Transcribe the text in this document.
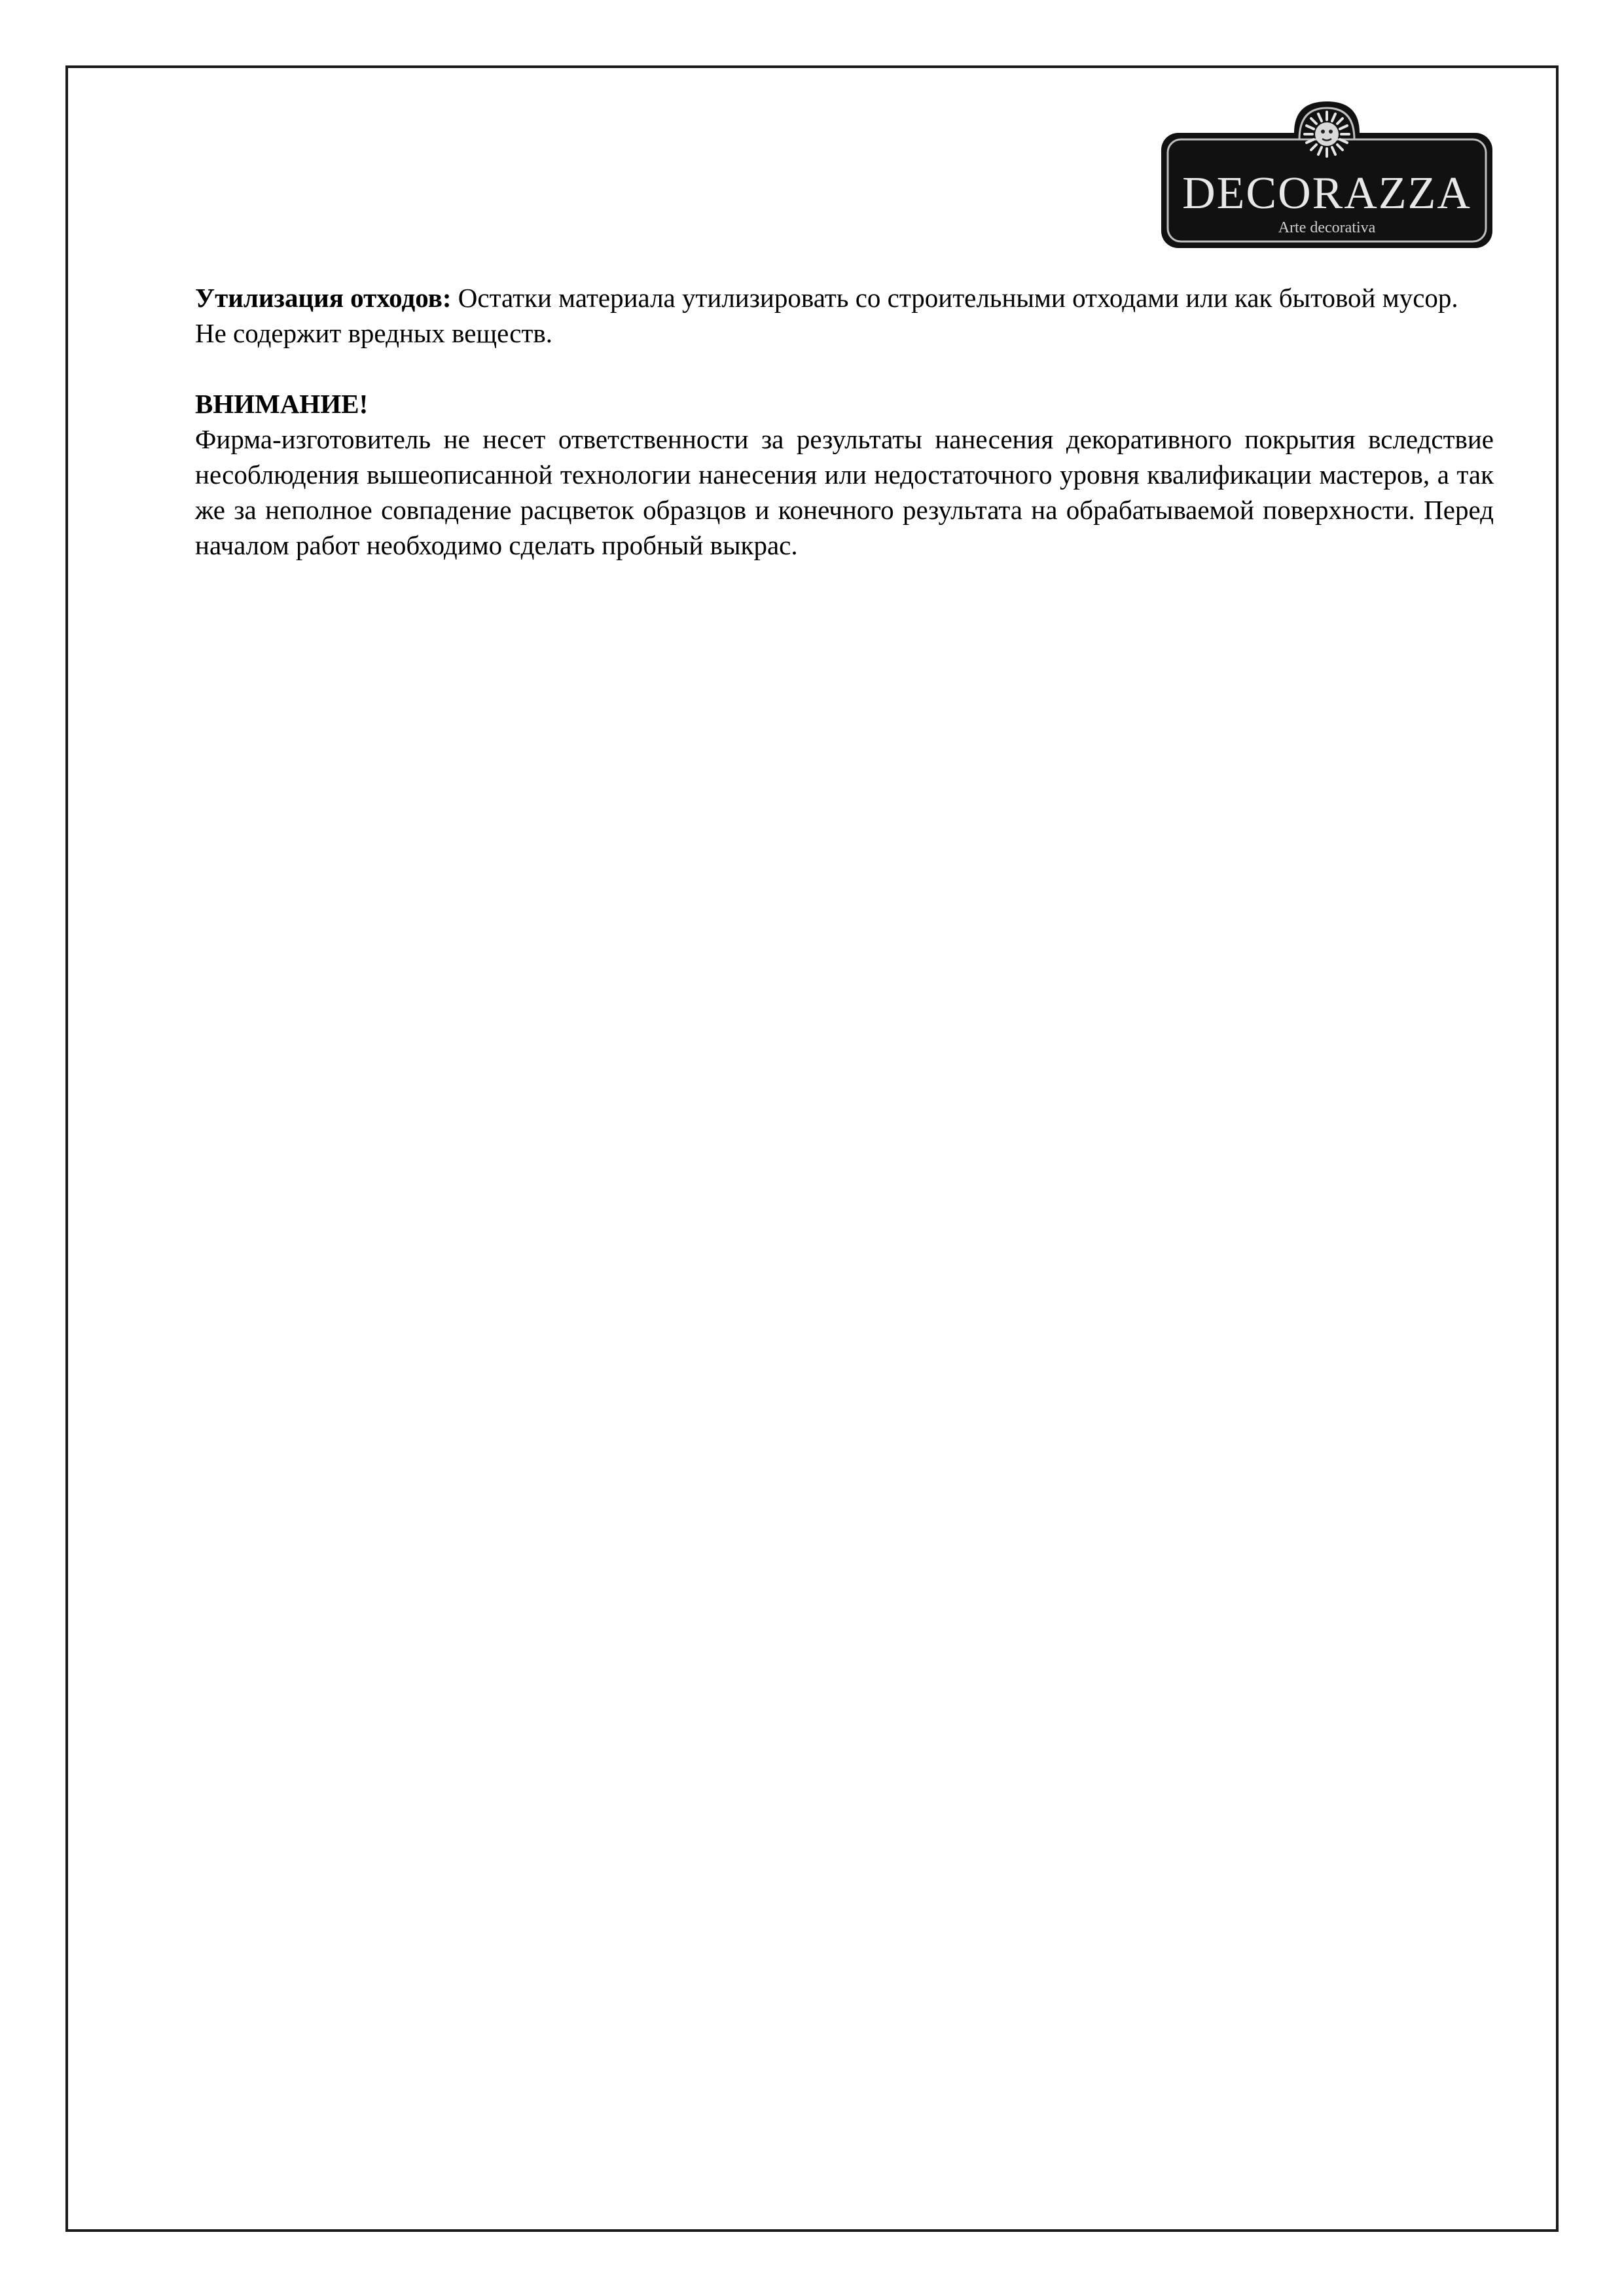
DECORAZZA
Arte decorativa

Утилизация отходов: Остатки материала утилизировать со строительными отходами или как бытовой мусор. Не содержит вредных веществ.

ВНИМАНИЕ!

Фирма-изготовитель не несет ответственности за результаты нанесения декоративного покрытия вследствие несоблюдения вышеописанной технологии нанесения или недостаточного уровня квалификации мастеров, а так же за неполное совпадение расцветок образцов и конечного результата на обрабатываемой поверхности. Перед началом работ необходимо сделать пробный выкрас.
